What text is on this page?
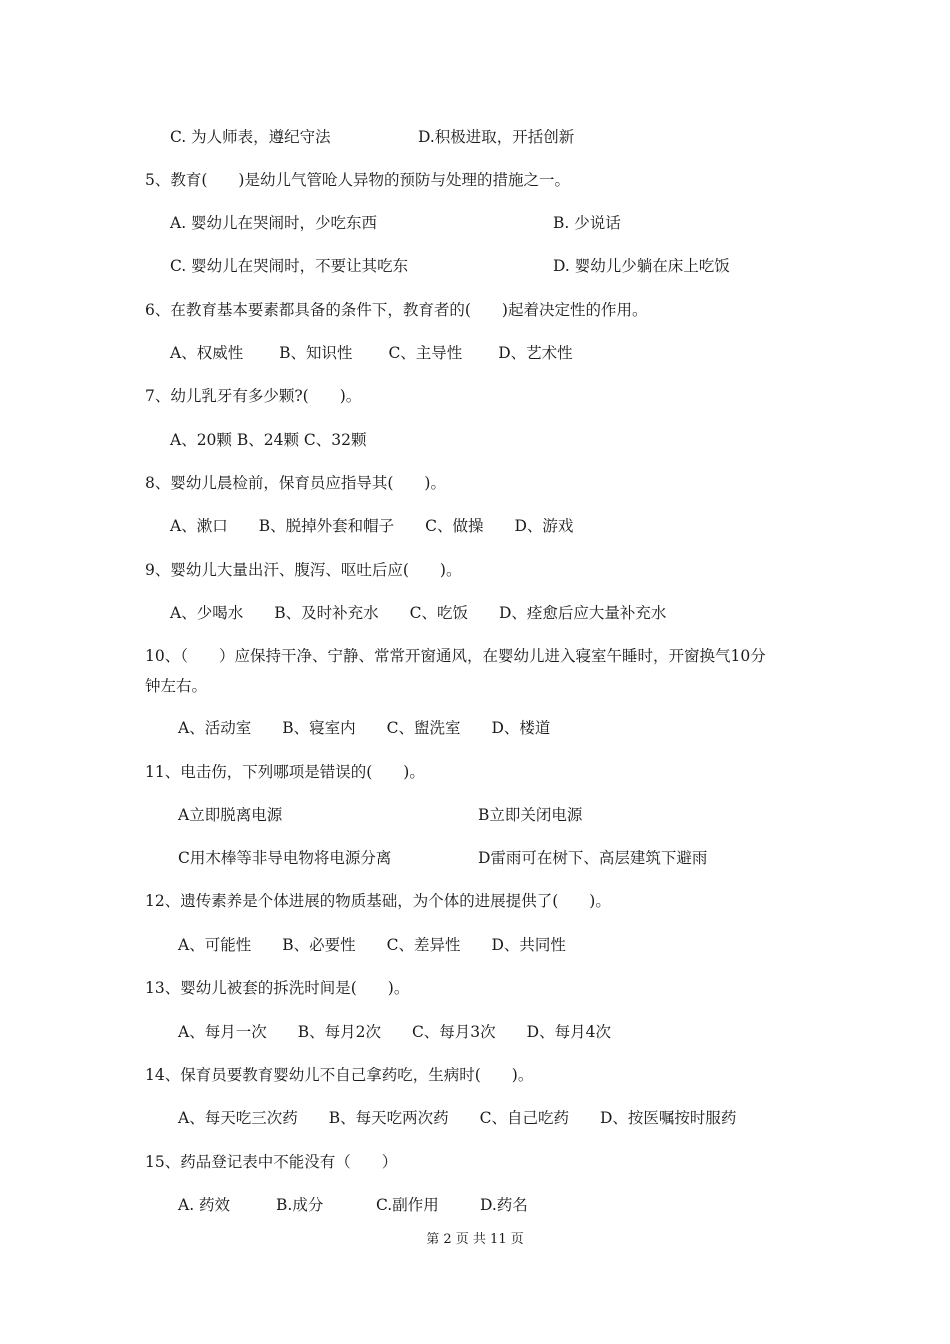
C. 为人师表，遵纪守法	D.积极进取，开括创新
5、教育(　　)是幼儿气管呛人异物的预防与处理的措施之一。
A. 婴幼儿在哭闹时，少吃东西	B. 少说话
C. 婴幼儿在哭闹时，不要让其吃东	D. 婴幼儿少躺在床上吃饭
6、在教育基本要素都具备的条件下，教育者的(　　)起着决定性的作用。
A、权威性　　 B、知识性　　 C、主导性　　 D、艺术性
7、幼儿乳牙有多少颗?(　　)。
A、20颗 B、24颗 C、32颗
8、婴幼儿晨检前，保育员应指导其(　　)。
A、漱口　　B、脱掉外套和帽子　　C、做操　　D、游戏
9、婴幼儿大量出汗、腹泻、呕吐后应(　　)。
A、少喝水　　B、及时补充水　　C、吃饭　　D、痊愈后应大量补充水
10、（　　）应保持干净、宁静、常常开窗通风，在婴幼儿进入寝室午睡时，开窗换气10分
钟左右。
A、活动室　　B、寝室内　　C、盥洗室　　D、楼道
11、电击伤，下列哪项是错误的(　　)。
A立即脱离电源	B立即关闭电源
C用木棒等非导电物将电源分离	D雷雨可在树下、高层建筑下避雨
12、遗传素养是个体进展的物质基础，为个体的进展提供了(　　)。
A、可能性　　B、必要性　　C、差异性　　D、共同性
13、婴幼儿被套的拆洗时间是(　　)。
A、每月一次　　B、每月2次　　C、每月3次　　D、每月4次
14、保育员要教育婴幼儿不自己拿药吃，生病时(　　)。
A、每天吃三次药　　B、每天吃两次药　　C、自己吃药　　D、按医嘱按时服药
15、药品登记表中不能没有（　　）
A. 药效	B.成分	C.副作用	D.药名
第 2 页 共 11 页
